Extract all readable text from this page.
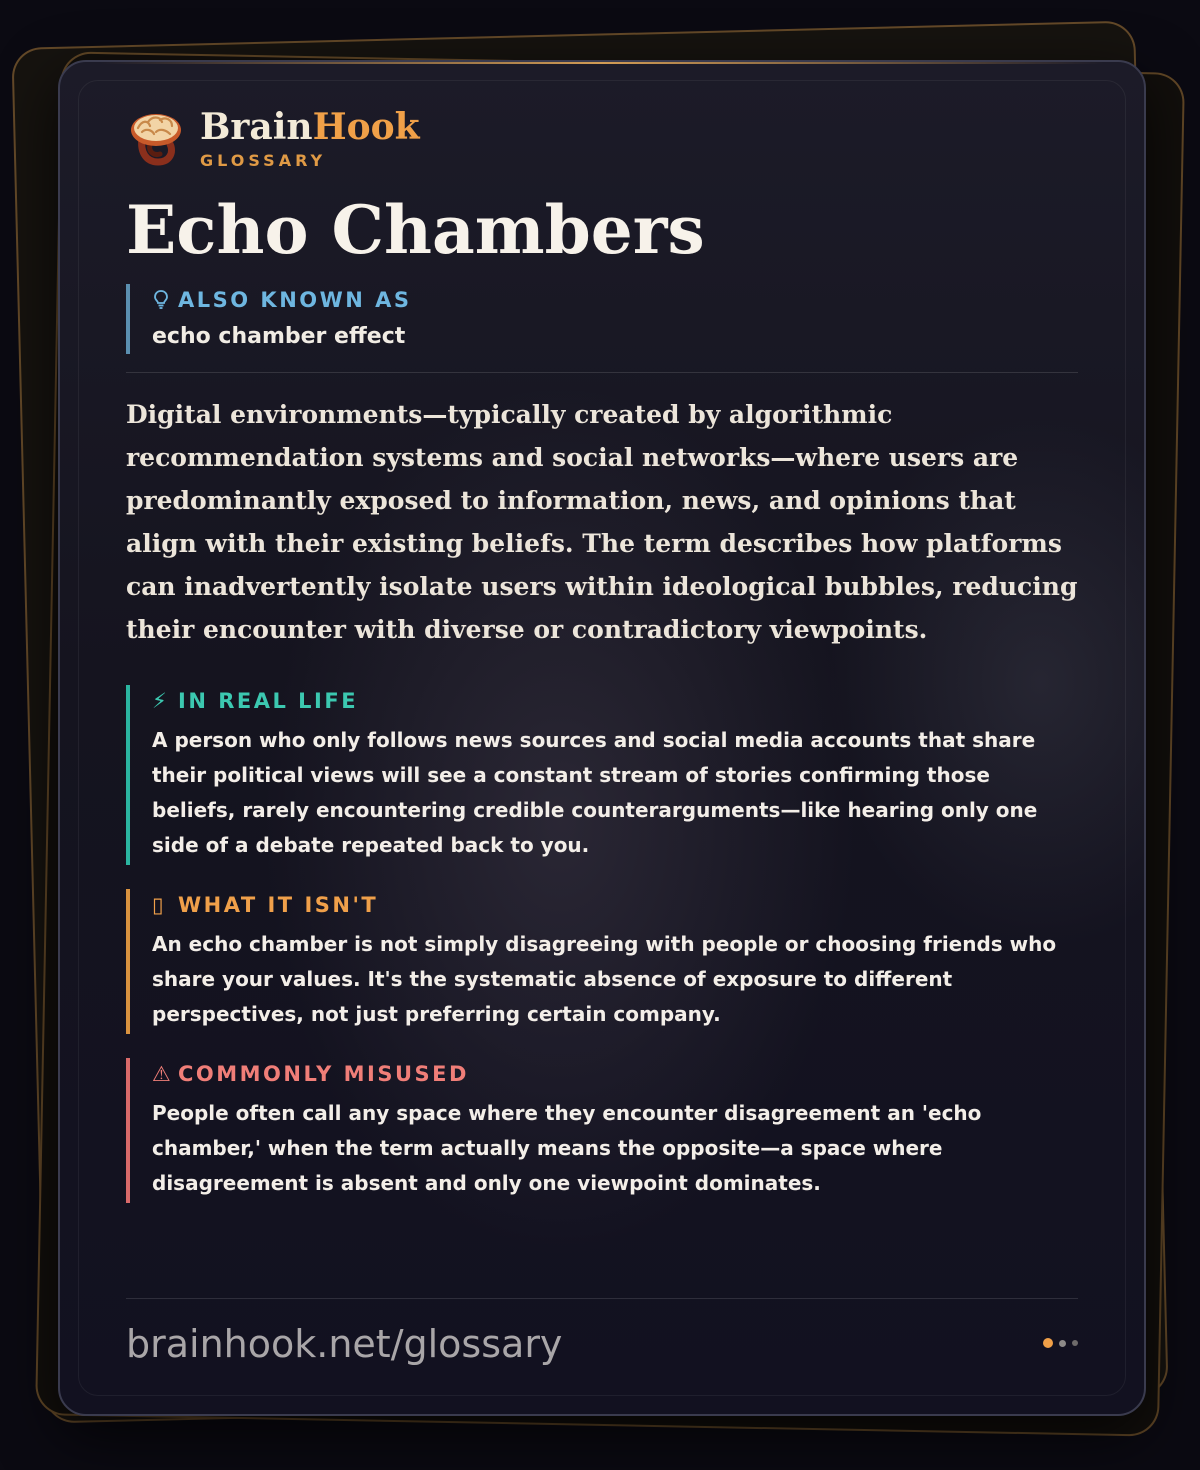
BrainHook
GLOSSARY
Echo Chambers
ALSO KNOWN AS
echo chamber effect

Digital environments—typically created by algorithmic recommendation systems and social networks—where users are predominantly exposed to information, news, and opinions that align with their existing beliefs. The term describes how platforms can inadvertently isolate users within ideological bubbles, reducing their encounter with diverse or contradictory viewpoints.

⚡ IN REAL LIFE
A person who only follows news sources and social media accounts that share their political views will see a constant stream of stories confirming those beliefs, rarely encountering credible counterarguments—like hearing only one side of a debate repeated back to you.
▯ WHAT IT ISN'T
An echo chamber is not simply disagreeing with people or choosing friends who share your values. It's the systematic absence of exposure to different perspectives, not just preferring certain company.
⚠ COMMONLY MISUSED
People often call any space where they encounter disagreement an 'echo chamber,' when the term actually means the opposite—a space where disagreement is absent and only one viewpoint dominates.
brainhook.net/glossary
